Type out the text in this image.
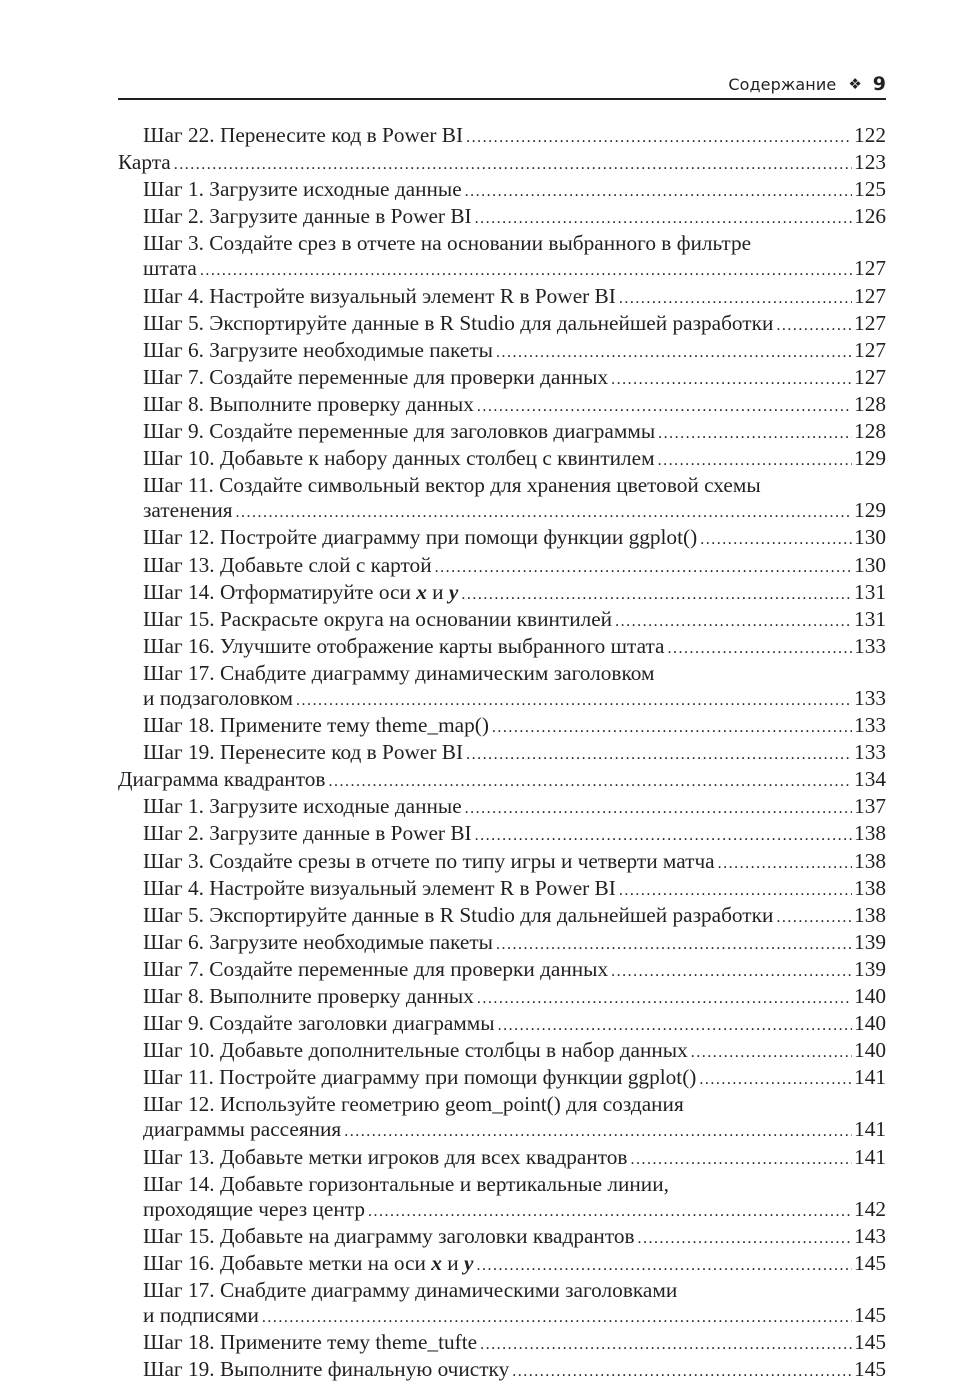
Содержание ❖ 9
Шаг 22. Перенесите код в Power BI .....	122
Карта .....	123
Шаг 1. Загрузите исходные данные .....	125
Шаг 2. Загрузите данные в Power BI .....	126
Шаг 3. Создайте срез в отчете на основании выбранного в фильтре
штата .....	127
Шаг 4. Настройте визуальный элемент R в Power BI .....	127
Шаг 5. Экспортируйте данные в R Studio для дальнейшей разработки .....	127
Шаг 6. Загрузите необходимые пакеты .....	127
Шаг 7. Создайте переменные для проверки данных .....	127
Шаг 8. Выполните проверку данных .....	128
Шаг 9. Создайте переменные для заголовков диаграммы .....	128
Шаг 10. Добавьте к набору данных столбец с квинтилем .....	129
Шаг 11. Создайте символьный вектор для хранения цветовой схемы
затенения .....	129
Шаг 12. Постройте диаграмму при помощи функции ggplot() .....	130
Шаг 13. Добавьте слой с картой .....	130
Шаг 14. Отформатируйте оси x и y .....	131
Шаг 15. Раскрасьте округа на основании квинтилей .....	131
Шаг 16. Улучшите отображение карты выбранного штата .....	133
Шаг 17. Снабдите диаграмму динамическим заголовком
и подзаголовком .....	133
Шаг 18. Примените тему theme_map() .....	133
Шаг 19. Перенесите код в Power BI .....	133
Диаграмма квадрантов .....	134
Шаг 1. Загрузите исходные данные .....	137
Шаг 2. Загрузите данные в Power BI .....	138
Шаг 3. Создайте срезы в отчете по типу игры и четверти матча .....	138
Шаг 4. Настройте визуальный элемент R в Power BI .....	138
Шаг 5. Экспортируйте данные в R Studio для дальнейшей разработки .....	138
Шаг 6. Загрузите необходимые пакеты .....	139
Шаг 7. Создайте переменные для проверки данных .....	139
Шаг 8. Выполните проверку данных .....	140
Шаг 9. Создайте заголовки диаграммы .....	140
Шаг 10. Добавьте дополнительные столбцы в набор данных .....	140
Шаг 11. Постройте диаграмму при помощи функции ggplot() .....	141
Шаг 12. Используйте геометрию geom_point() для создания
диаграммы рассеяния .....	141
Шаг 13. Добавьте метки игроков для всех квадрантов .....	141
Шаг 14. Добавьте горизонтальные и вертикальные линии,
проходящие через центр .....	142
Шаг 15. Добавьте на диаграмму заголовки квадрантов .....	143
Шаг 16. Добавьте метки на оси x и y .....	145
Шаг 17. Снабдите диаграмму динамическими заголовками
и подписями .....	145
Шаг 18. Примените тему theme_tufte .....	145
Шаг 19. Выполните финальную очистку .....	145
